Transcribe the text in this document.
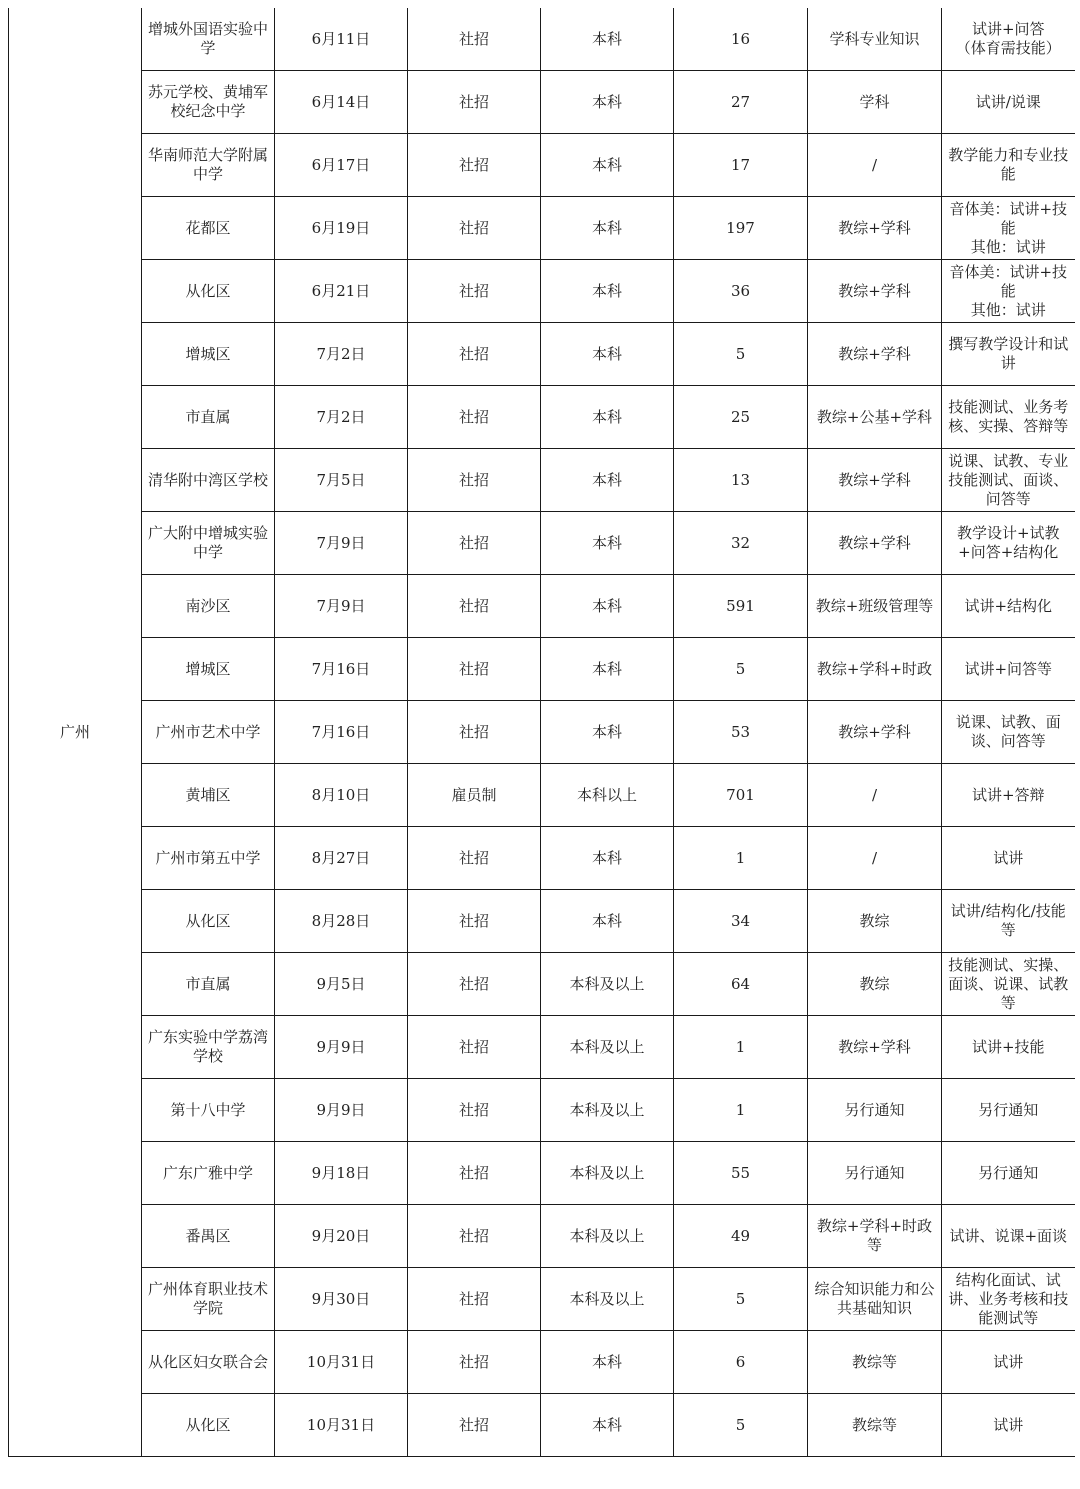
广州	增城外国语实验中学	6月11日	社招	本科	16	学科专业知识	试讲+问答
（体育需技能）
	苏元学校、黄埔军校纪念中学	6月14日	社招	本科	27	学科	试讲/说课
	华南师范大学附属中学	6月17日	社招	本科	17	/	教学能力和专业技能
	花都区	6月19日	社招	本科	197	教综+学科	音体美：试讲+技能
其他：试讲
	从化区	6月21日	社招	本科	36	教综+学科	音体美：试讲+技能
其他：试讲
	增城区	7月2日	社招	本科	5	教综+学科	撰写教学设计和试讲
	市直属	7月2日	社招	本科	25	教综+公基+学科	技能测试、业务考核、实操、答辩等
	清华附中湾区学校	7月5日	社招	本科	13	教综+学科	说课、试教、专业技能测试、面谈、问答等
	广大附中增城实验中学	7月9日	社招	本科	32	教综+学科	教学设计+试教+问答+结构化
	南沙区	7月9日	社招	本科	591	教综+班级管理等	试讲+结构化
	增城区	7月16日	社招	本科	5	教综+学科+时政	试讲+问答等
	广州市艺术中学	7月16日	社招	本科	53	教综+学科	说课、试教、面谈、问答等
	黄埔区	8月10日	雇员制	本科以上	701	/	试讲+答辩
	广州市第五中学	8月27日	社招	本科	1	/	试讲
	从化区	8月28日	社招	本科	34	教综	试讲/结构化/技能等
	市直属	9月5日	社招	本科及以上	64	教综	技能测试、实操、面谈、说课、试教等
	广东实验中学荔湾学校	9月9日	社招	本科及以上	1	教综+学科	试讲+技能
	第十八中学	9月9日	社招	本科及以上	1	另行通知	另行通知
	广东广雅中学	9月18日	社招	本科及以上	55	另行通知	另行通知
	番禺区	9月20日	社招	本科及以上	49	教综+学科+时政等	试讲、说课+面谈
	广州体育职业技术学院	9月30日	社招	本科及以上	5	综合知识能力和公共基础知识	结构化面试、试讲、业务考核和技能测试等
	从化区妇女联合会	10月31日	社招	本科	6	教综等	试讲
	从化区	10月31日	社招	本科	5	教综等	试讲
